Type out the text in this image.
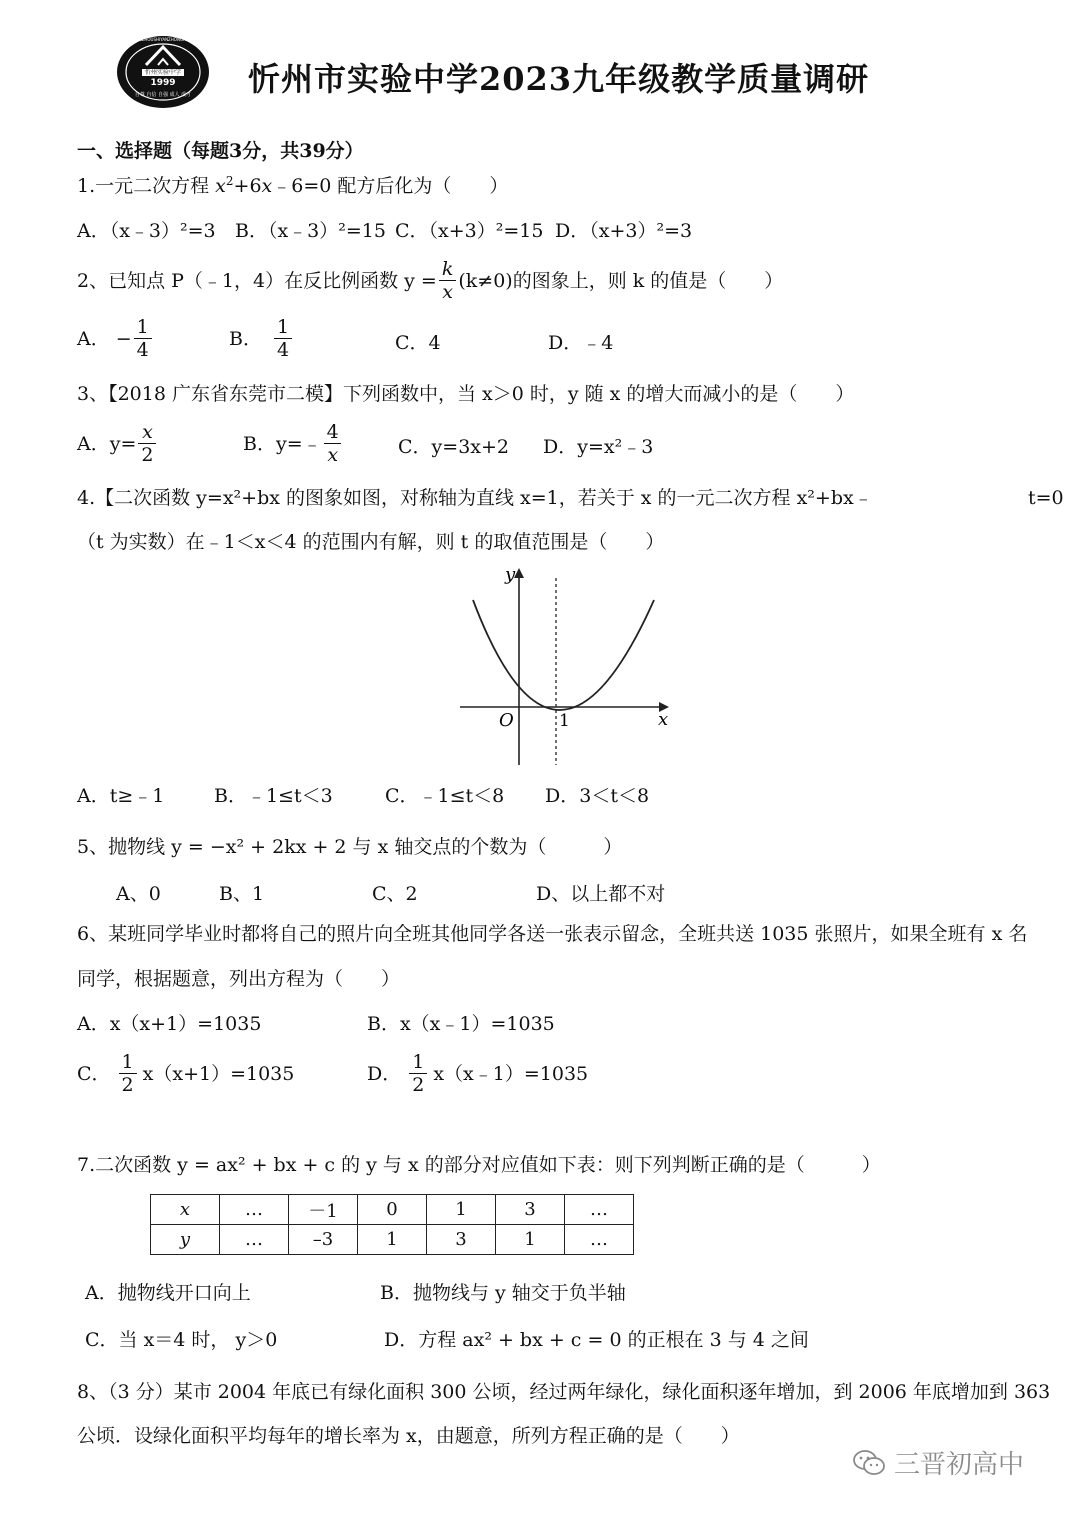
忻州实验中学
1999
XINZHOUSHIYANZHONGXUE
自尊 自信 自强 成人 成才 忻州市实验中学2023九年级教学质量调研
一、选择题（每题3分，共39分）
1.一元二次方程 $x^2+6x﹣6=0$ 配方后化为（　　）
A．（x﹣3）²=3 B．（x﹣3）²=15 C．（x+3）²=15 D．（x+3）²=3
2、已知点 P（﹣1，4）在反比例函数 $y = \frac{k}{x} (k\ne 0)$的图象上，则 k 的值是（　　）
A． − $\frac{1}{4}$	B． $\frac{1}{4}$	C．4	D．﹣4
3、【2018 广东省东莞市二模】下列函数中，当 x＞0 时，y 随 x 的增大而减小的是（　　）
A．$y= \frac{x}{2}$	B．y=﹣ $\frac{4}{x}$	C．y=3x+2 D．y=x²﹣3
4.【二次函数 y=x²+bx 的图象如图，对称轴为直线 x=1，若关于 x 的一元二次方程 x²+bx﹣	t=0
（t 为实数）在﹣1＜x＜4 的范围内有解，则 t 的取值范围是（　　）
y
x
O	1
A．t≥﹣1	B．﹣1≤t＜3	C．﹣1≤t＜8 D．3＜t＜8
5、抛物线 y = −x² + 2kx + 2 与 x 轴交点的个数为（　　　）
A、0	B、1	C、2	D、以上都不对
6、某班同学毕业时都将自己的照片向全班其他同学各送一张表示留念，全班共送 1035 张照片，如果全班有 x 名
同学，根据题意，列出方程为（　　）
A．x（x+1）=1035	B．x（x﹣1）=1035
C． $\frac{1}{2} x(x+1)=1035$	D． $\frac{1}{2}$ x（x﹣1）=1035
7.二次函数 y = ax² + bx + c 的 y 与 x 的部分对应值如下表：则下列判断正确的是（　　　）
x	…	－1	0	1	3	…
y	…	–3	1	3	1	…
A．抛物线开口向上	B．抛物线与 y 轴交于负半轴
C．当 x＝4 时， y＞0	D．方程 ax² + bx + c = 0 的正根在 3 与 4 之间
8、（3 分）某市 2004 年底已有绿化面积 300 公顷，经过两年绿化，绿化面积逐年增加，到 2006 年底增加到 363
公顷．设绿化面积平均每年的增长率为 x，由题意，所列方程正确的是（　　）
三晋初高中
